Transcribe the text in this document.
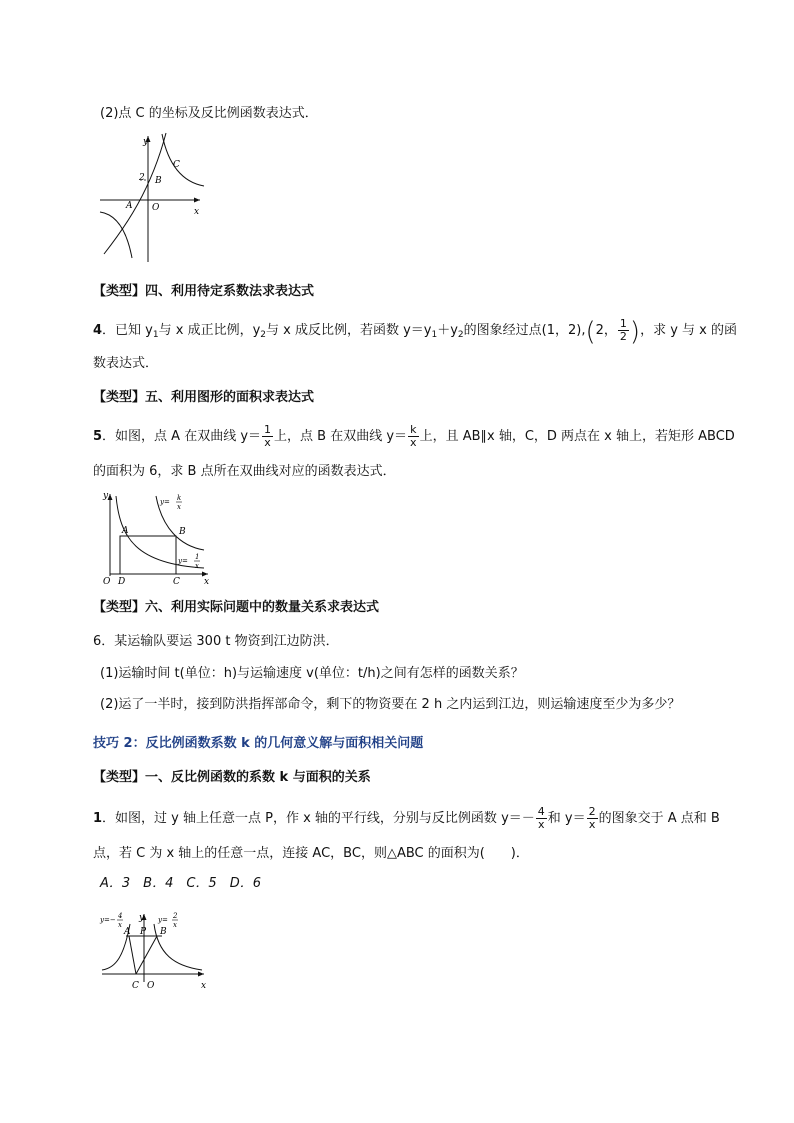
(2)点 C 的坐标及反比例函数表达式．
y
x
O
A
B
C
2
【类型】四、利用待定系数法求表达式
4．已知 $y_1$与 x 成正比例，$y_2$与 x 成反比例，若函数 $y=y_1+y_2$的图象经过点(1，2),(2， $\frac{1}{2}$ )，求 y 与 x 的函
数表达式．
【类型】五、利用图形的面积求表达式
5．如图，点 A 在双曲线 $y= \frac{1}{x}$ 上，点 B 在双曲线 $y= \frac{k}{x}$ 上，且 AB∥x 轴，C，D 两点在 x 轴上，若矩形 ABCD
的面积为 6，求 B 点所在双曲线对应的函数表达式．
y
x
O D	C
A	B
y= k
x
y= 1
x
【类型】六、利用实际问题中的数量关系求表达式
6．某运输队要运 300 t 物资到江边防洪．
(1)运输时间 t(单位：h)与运输速度 v(单位：t/h)之间有怎样的函数关系？
(2)运了一半时，接到防洪指挥部命令，剩下的物资要在 2 h 之内运到江边，则运输速度至少为多少？
技巧 2：反比例函数系数 k 的几何意义解与面积相关问题
【类型】一、反比例函数的系数 k 与面积的关系
1．如图，过 y 轴上任意一点 P，作 x 轴的平行线，分别与反比例函数 $y=- \frac{4}{x}$ 和 $y= \frac{2}{x}$ 的图象交于 A 点和 B
点，若 C 为 x 轴上的任意一点，连接 AC，BC，则△ABC 的面积为(　　)．
A．3　B．4　C．5　D．6
y=− 4
x
y= 2
x
y
x
O
C
A P B
